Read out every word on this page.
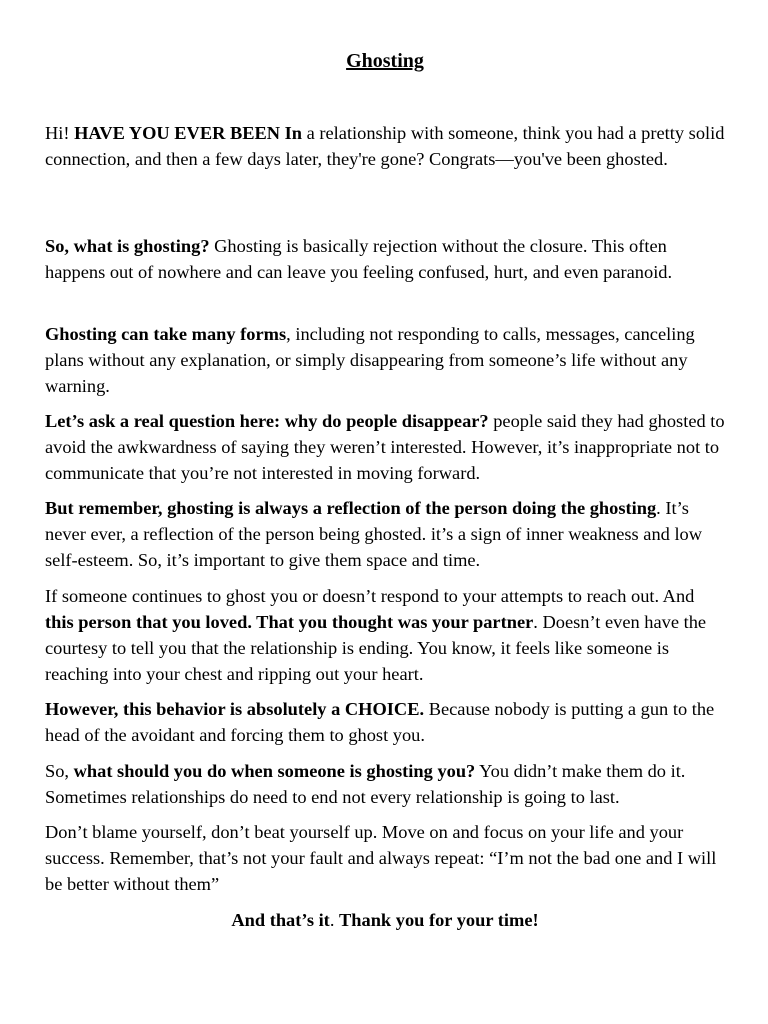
Ghosting

Hi! HAVE YOU EVER BEEN In a relationship with someone, think you had a pretty solid connection, and then a few days later, they're gone? Congrats—you've been ghosted.

So, what is ghosting? Ghosting is basically rejection without the closure. This often happens out of nowhere and can leave you feeling confused, hurt, and even paranoid.

Ghosting can take many forms, including not responding to calls, messages, canceling plans without any explanation, or simply disappearing from someone’s life without any warning.

Let’s ask a real question here: why do people disappear? people said they had ghosted to avoid the awkwardness of saying they weren’t interested. However, it’s inappropriate not to communicate that you’re not interested in moving forward.

But remember, ghosting is always a reflection of the person doing the ghosting. It’s never ever, a reflection of the person being ghosted. it’s a sign of inner weakness and low self-esteem. So, it’s important to give them space and time.

If someone continues to ghost you or doesn’t respond to your attempts to reach out. And this person that you loved. That you thought was your partner. Doesn’t even have the courtesy to tell you that the relationship is ending. You know, it feels like someone is reaching into your chest and ripping out your heart.

However, this behavior is absolutely a CHOICE. Because nobody is putting a gun to the head of the avoidant and forcing them to ghost you.

So, what should you do when someone is ghosting you? You didn’t make them do it. Sometimes relationships do need to end not every relationship is going to last.

Don’t blame yourself, don’t beat yourself up. Move on and focus on your life and your success. Remember, that’s not your fault and always repeat: “I’m not the bad one and I will be better without them”

And that’s it. Thank you for your time!
